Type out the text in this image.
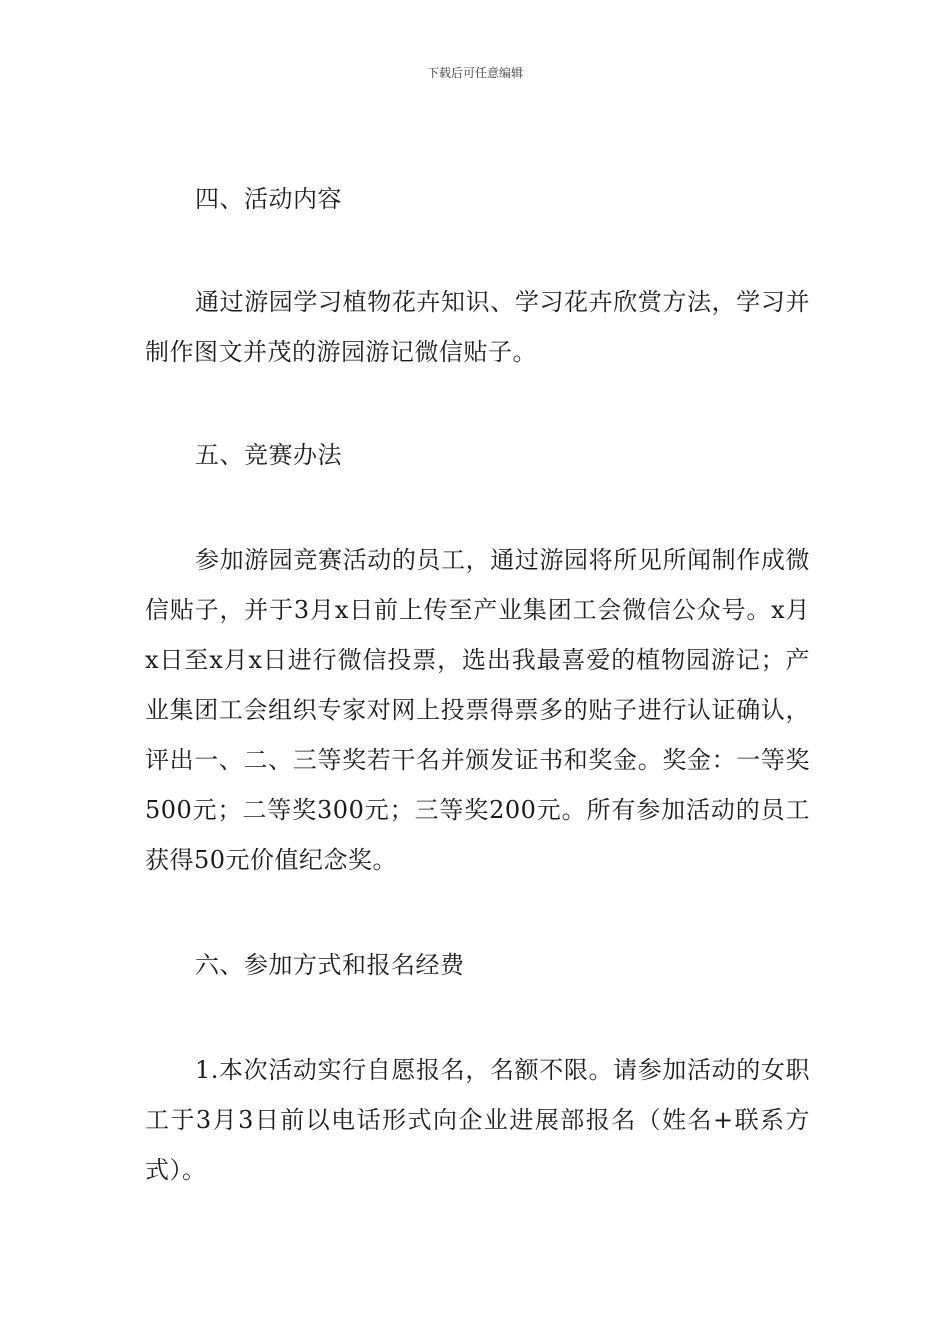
下载后可任意编辑

四、活动内容

通过游园学习植物花卉知识、学习花卉欣赏方法，学习并制作图文并茂的游园游记微信贴子。

五、竞赛办法

参加游园竞赛活动的员工，通过游园将所见所闻制作成微信贴子，并于3月x日前上传至产业集团工会微信公众号。x月x日至x月x日进行微信投票，选出我最喜爱的植物园游记；产业集团工会组织专家对网上投票得票多的贴子进行认证确认，评出一、二、三等奖若干名并颁发证书和奖金。奖金：一等奖500元；二等奖300元；三等奖200元。所有参加活动的员工获得50元价值纪念奖。

六、参加方式和报名经费

1.本次活动实行自愿报名，名额不限。请参加活动的女职工于3月3日前以电话形式向企业进展部报名（姓名+联系方式）。
